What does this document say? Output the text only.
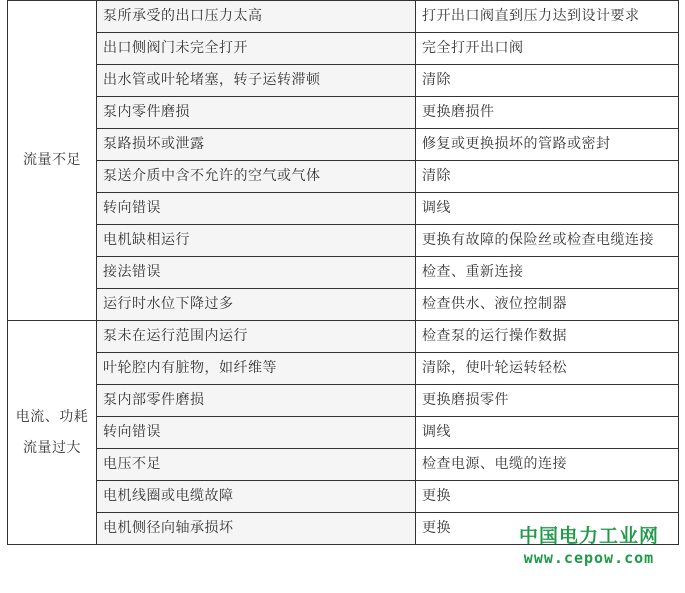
流量不足	泵所承受的出口压力太高	打开出口阀直到压力达到设计要求
	出口侧阀门未完全打开	完全打开出口阀
	出水管或叶轮堵塞，转子运转滞顿	清除
	泵内零件磨损	更换磨损件
	泵路损坏或泄露	修复或更换损坏的管路或密封
	泵送介质中含不允许的空气或气体	清除
	转向错误	调线
	电机缺相运行	更换有故障的保险丝或检查电缆连接
	接法错误	检查、重新连接
	运行时水位下降过多	检查供水、液位控制器
电流、功耗流量过大	泵未在运行范围内运行	检查泵的运行操作数据
	叶轮腔内有脏物，如纤维等	清除，使叶轮运转轻松
	泵内部零件磨损	更换磨损零件
	转向错误	调线
	电压不足	检查电源、电缆的连接
	电机线圈或电缆故障	更换
	电机侧径向轴承损坏	更换	中国电力工业网
www.cepow.com
